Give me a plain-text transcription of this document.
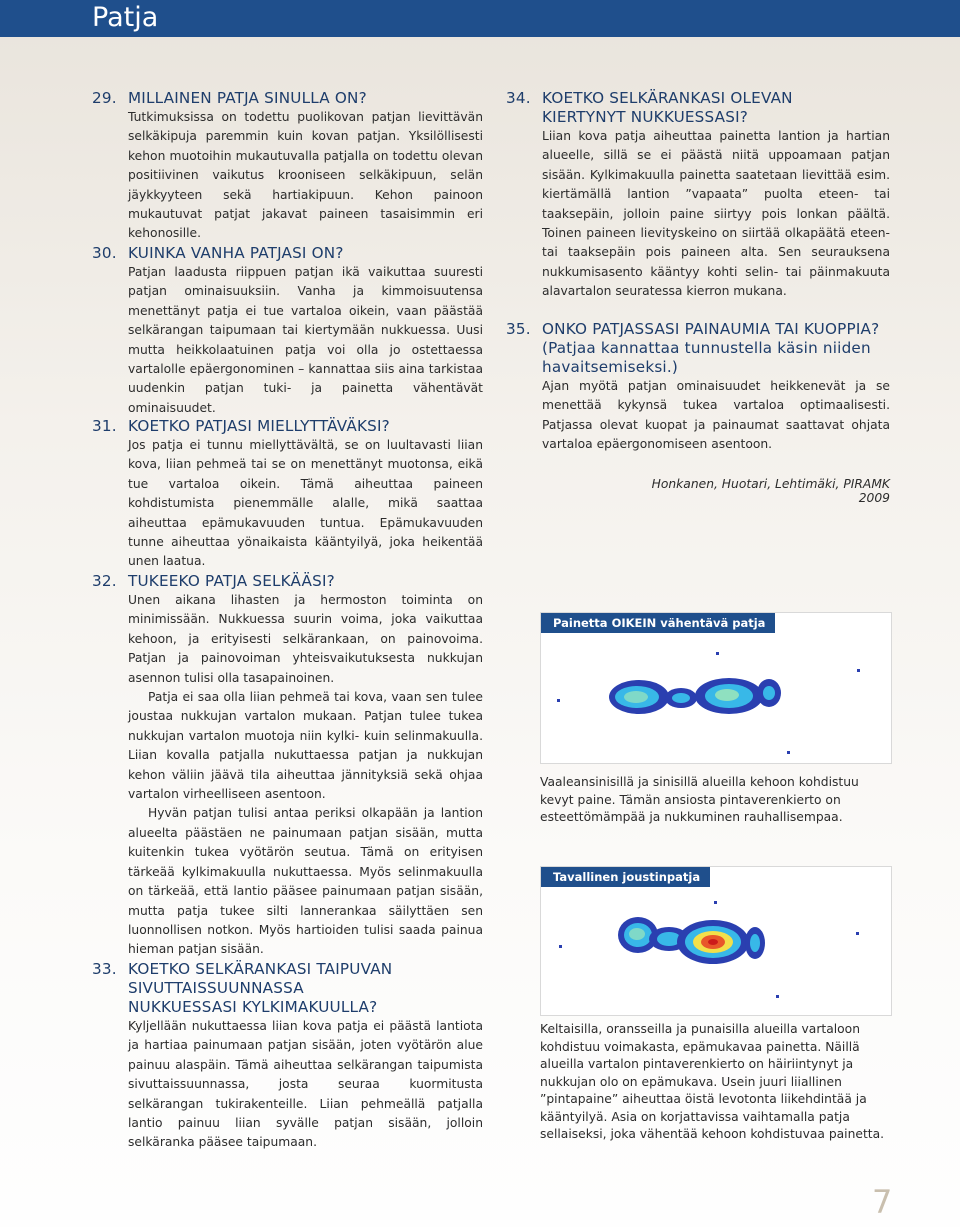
Patja
29. MILLAINEN PATJA SINULLA ON?

Tutkimuksissa on todettu puolikovan patjan lievittävän selkäkipuja paremmin kuin kovan patjan. Yksilöllisesti kehon muotoihin mukautuvalla patjalla on todettu olevan positiivinen vaikutus krooniseen selkäkipuun, selän jäykkyyteen sekä hartiakipuun. Kehon painoon mukautuvat patjat jakavat paineen tasaisimmin eri kehonosille.

30. KUINKA VANHA PATJASI ON?

Patjan laadusta riippuen patjan ikä vaikuttaa suuresti patjan ominaisuuksiin. Vanha ja kimmoisuutensa menettänyt patja ei tue vartaloa oikein, vaan päästää selkärangan taipumaan tai kiertymään nukkuessa. Uusi mutta heikkolaatuinen patja voi olla jo ostettaessa vartalolle epäergonominen – kannattaa siis aina tarkistaa uudenkin patjan tuki- ja painetta vähentävät ominaisuudet.

31. KOETKO PATJASI MIELLYTTÄVÄKSI?

Jos patja ei tunnu miellyttävältä, se on luultavasti liian kova, liian pehmeä tai se on menettänyt muotonsa, eikä tue vartaloa oikein. Tämä aiheuttaa paineen kohdistumista pienemmälle alalle, mikä saattaa aiheuttaa epämukavuuden tuntua. Epämukavuuden tunne aiheuttaa yönaikaista kääntyilyä, joka heikentää unen laatua.

32. TUKEEKO PATJA SELKÄÄSI?

Unen aikana lihasten ja hermoston toiminta on minimissään. Nukkuessa suurin voima, joka vaikuttaa kehoon, ja erityisesti selkärankaan, on painovoima. Patjan ja painovoiman yhteisvaikutuksesta nukkujan asennon tulisi olla tasapainoinen.

Patja ei saa olla liian pehmeä tai kova, vaan sen tulee joustaa nukkujan vartalon mukaan. Patjan tulee tukea nukkujan vartalon muotoja niin kylki- kuin selinmakuulla. Liian kovalla patjalla nukuttaessa patjan ja nukkujan kehon väliin jäävä tila aiheuttaa jännityksiä sekä ohjaa vartalon virheelliseen asentoon.

Hyvän patjan tulisi antaa periksi olkapään ja lantion alueelta päästäen ne painumaan patjan sisään, mutta kuitenkin tukea vyötärön seutua. Tämä on erityisen tärkeää kylkimakuulla nukuttaessa. Myös selinmakuulla on tärkeää, että lantio pääsee painumaan patjan sisään, mutta patja tukee silti lannerankaa säilyttäen sen luonnollisen notkon. Myös hartioiden tulisi saada painua hieman patjan sisään.

33. KOETKO SELKÄRANKASI TAIPUVAN
SIVUTTAISSUUNNASSA
NUKKUESSASI KYLKIMAKUULLA?

Kyljellään nukuttaessa liian kova patja ei päästä lantiota ja hartiaa painumaan patjan sisään, joten vyötärön alue painuu alaspäin. Tämä aiheuttaa selkärangan taipumista sivuttaissuunnassa, josta seuraa kuormitusta selkärangan tukirakenteille. Liian pehmeällä patjalla lantio painuu liian syvälle patjan sisään, jolloin selkäranka pääsee taipumaan.

34. KOETKO SELKÄRANKASI OLEVAN
KIERTYNYT NUKKUESSASI?

Liian kova patja aiheuttaa painetta lantion ja hartian alueelle, sillä se ei päästä niitä uppoamaan patjan sisään. Kylkimakuulla painetta saatetaan lievittää esim. kiertämällä lantion ”vapaata” puolta eteen- tai taaksepäin, jolloin paine siirtyy pois lonkan päältä. Toinen paineen lievityskeino on siirtää olkapäätä eteen- tai taaksepäin pois paineen alta. Sen seurauksena nukkumisasento kääntyy kohti selin- tai päinmakuuta alavartalon seuratessa kierron mukana.

35. ONKO PATJASSASI PAINAUMIA TAI KUOPPIA?
(Patjaa kannattaa tunnustella käsin niiden
havaitsemiseksi.)

Ajan myötä patjan ominaisuudet heikkenevät ja se menettää kykynsä tukea vartaloa optimaalisesti. Patjassa olevat kuopat ja painaumat saattavat ohjata vartaloa epäergonomiseen asentoon.

Honkanen, Huotari, Lehtimäki, PIRAMK 2009
Painetta OIKEIN vähentävä patja
Vaaleansinisillä ja sinisillä alueilla kehoon kohdistuu kevyt paine. Tämän ansiosta pintaverenkierto on esteettömämpää ja nukkuminen rauhallisempaa.
Tavallinen joustinpatja
Keltaisilla, oransseilla ja punaisilla alueilla vartaloon kohdistuu voimakasta, epämukavaa painetta. Näillä alueilla vartalon pintaverenkierto on häiriintynyt ja nukkujan olo on epämukava. Usein juuri liiallinen ”pintapaine” aiheuttaa öistä levotonta liikehdintää ja kääntyilyä. Asia on korjattavissa vaihtamalla patja sellaiseksi, joka vähentää kehoon kohdistuvaa painetta.
7
